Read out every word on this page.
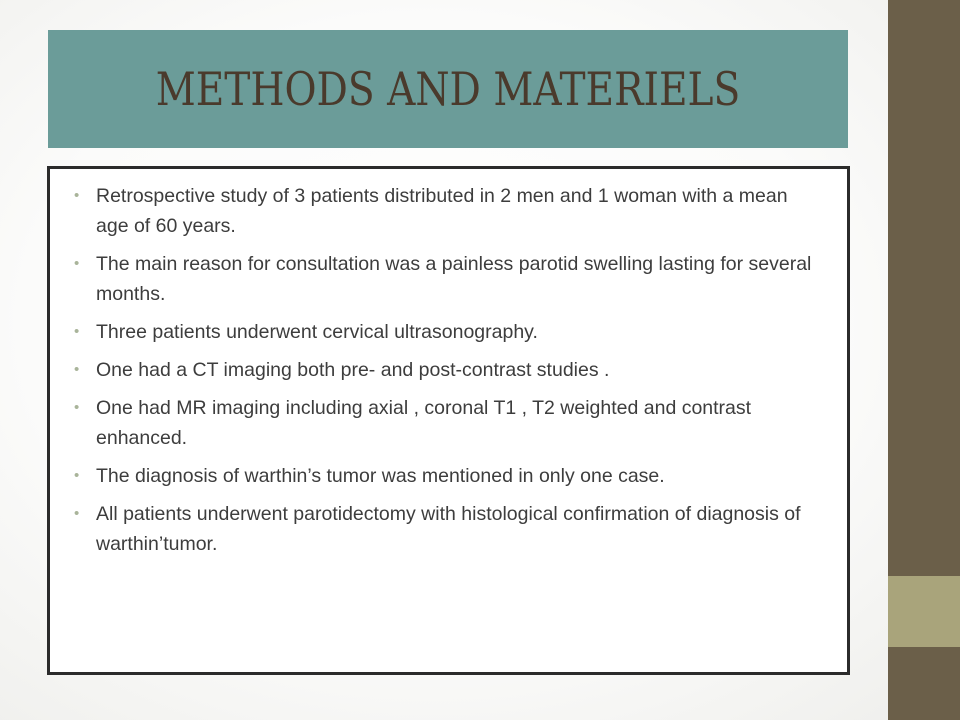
METHODS AND MATERIELS
• Retrospective study of 3 patients distributed in 2 men and 1 woman with a mean age of 60 years.
• The main reason for consultation was a painless parotid swelling lasting for several months.
• Three patients underwent cervical ultrasonography.
• One had a CT imaging both pre- and post-contrast studies .
• One had MR imaging including axial , coronal T1 , T2 weighted and contrast enhanced.
• The diagnosis of warthin’s tumor was mentioned in only one case.
• All patients underwent parotidectomy with histological confirmation of diagnosis of warthin’tumor.
